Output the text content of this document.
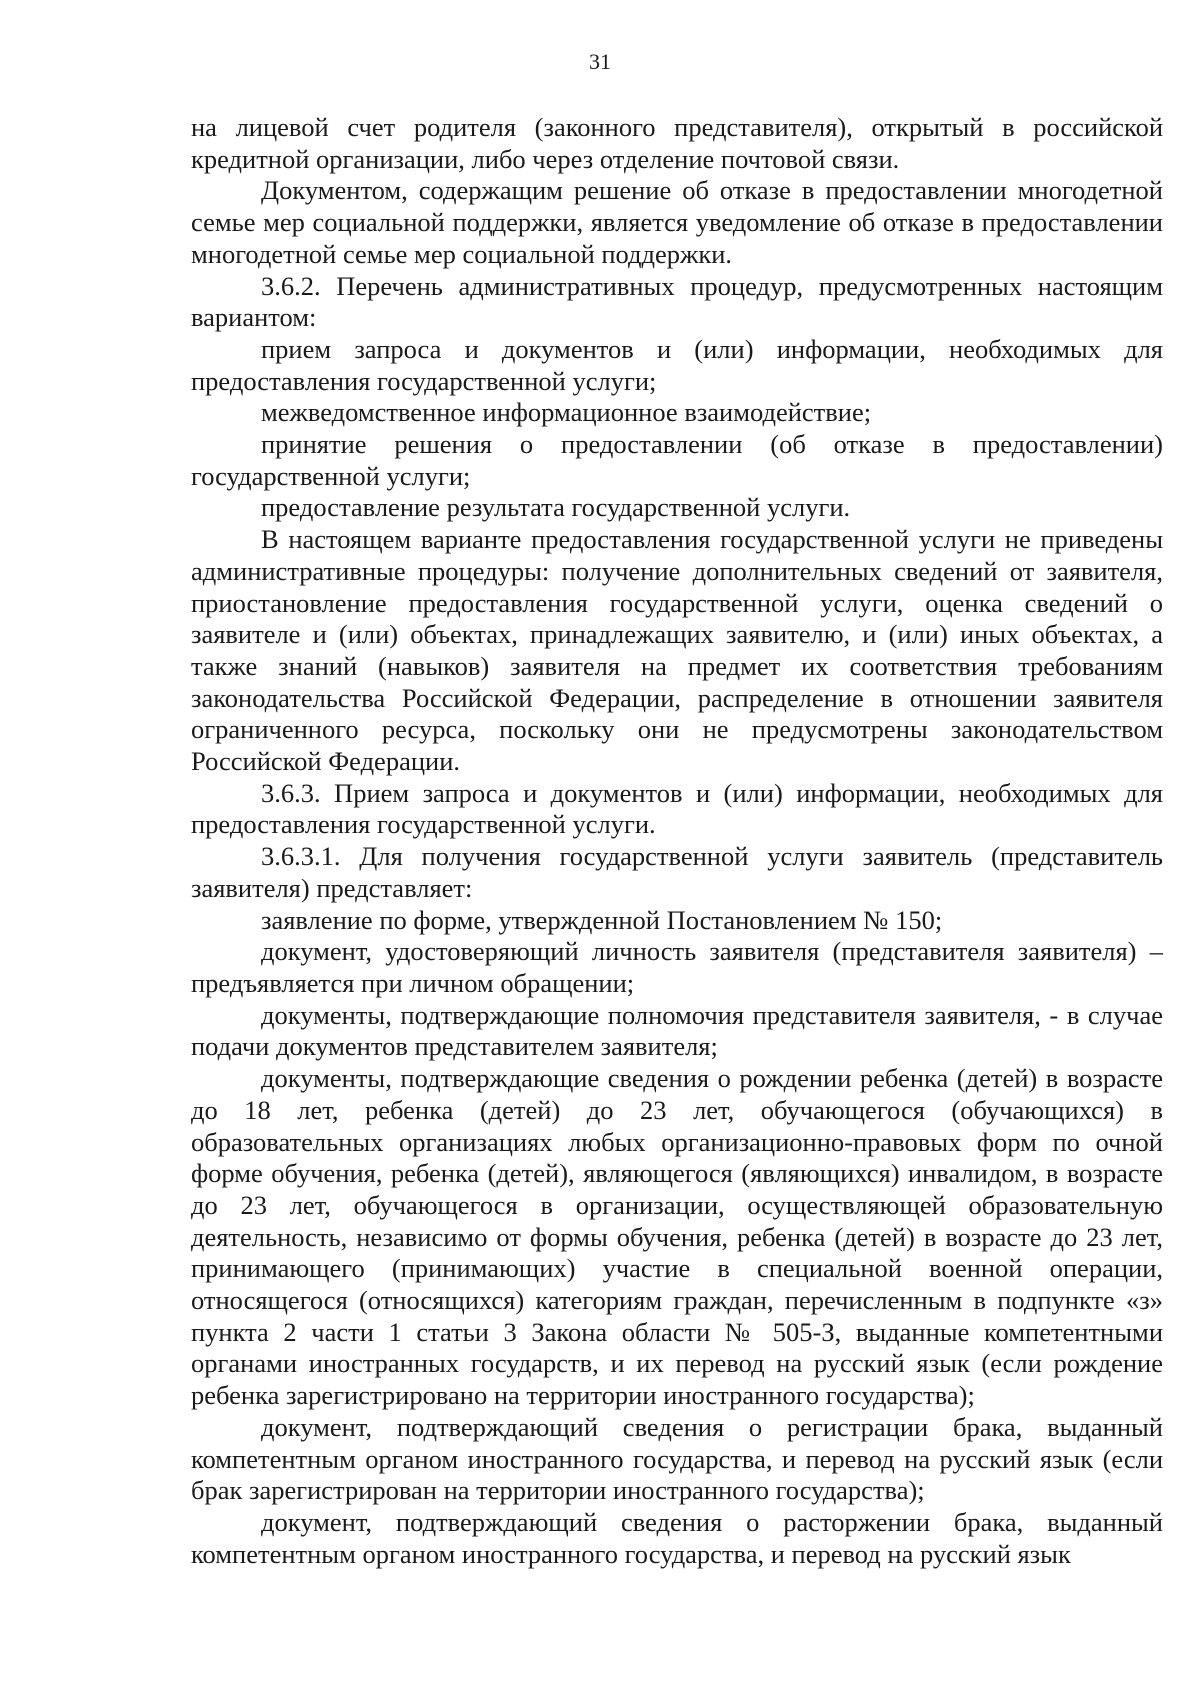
31

на лицевой счет родителя (законного представителя), открытый в российской кредитной организации, либо через отделение почтовой связи.

Документом, содержащим решение об отказе в предоставлении многодетной семье мер социальной поддержки, является уведомление об отказе в предоставлении многодетной семье мер социальной поддержки.

3.6.2. Перечень административных процедур, предусмотренных настоящим вариантом:

прием запроса и документов и (или) информации, необходимых для предоставления государственной услуги;

межведомственное информационное взаимодействие;

принятие решения о предоставлении (об отказе в предоставлении) государственной услуги;

предоставление результата государственной услуги.

В настоящем варианте предоставления государственной услуги не приведены административные процедуры: получение дополнительных сведений от заявителя, приостановление предоставления государственной услуги, оценка сведений о заявителе и (или) объектах, принадлежащих заявителю, и (или) иных объектах, а также знаний (навыков) заявителя на предмет их соответствия требованиям законодательства Российской Федерации, распределение в отношении заявителя ограниченного ресурса, поскольку они не предусмотрены законодательством Российской Федерации.

3.6.3. Прием запроса и документов и (или) информации, необходимых для предоставления государственной услуги.

3.6.3.1. Для получения государственной услуги заявитель (представитель заявителя) представляет:

заявление по форме, утвержденной Постановлением № 150;

документ, удостоверяющий личность заявителя (представителя заявителя) – предъявляется при личном обращении;

документы, подтверждающие полномочия представителя заявителя, - в случае подачи документов представителем заявителя;

документы, подтверждающие сведения о рождении ребенка (детей) в возрасте до 18 лет, ребенка (детей) до 23 лет, обучающегося (обучающихся) в образовательных организациях любых организационно-правовых форм по очной форме обучения, ребенка (детей), являющегося (являющихся) инвалидом, в возрасте до 23 лет, обучающегося в организации, осуществляющей образовательную деятельность, независимо от формы обучения, ребенка (детей) в возрасте до 23 лет, принимающего (принимающих) участие в специальной военной операции, относящегося (относящихся) категориям граждан, перечисленным в подпункте «з» пункта 2 части 1 статьи 3 Закона области № 505-З, выданные компетентными органами иностранных государств, и их перевод на русский язык (если рождение ребенка зарегистрировано на территории иностранного государства);

документ, подтверждающий сведения о регистрации брака, выданный компетентным органом иностранного государства, и перевод на русский язык (если брак зарегистрирован на территории иностранного государства);

документ, подтверждающий сведения о расторжении брака, выданный компетентным органом иностранного государства, и перевод на русский язык
